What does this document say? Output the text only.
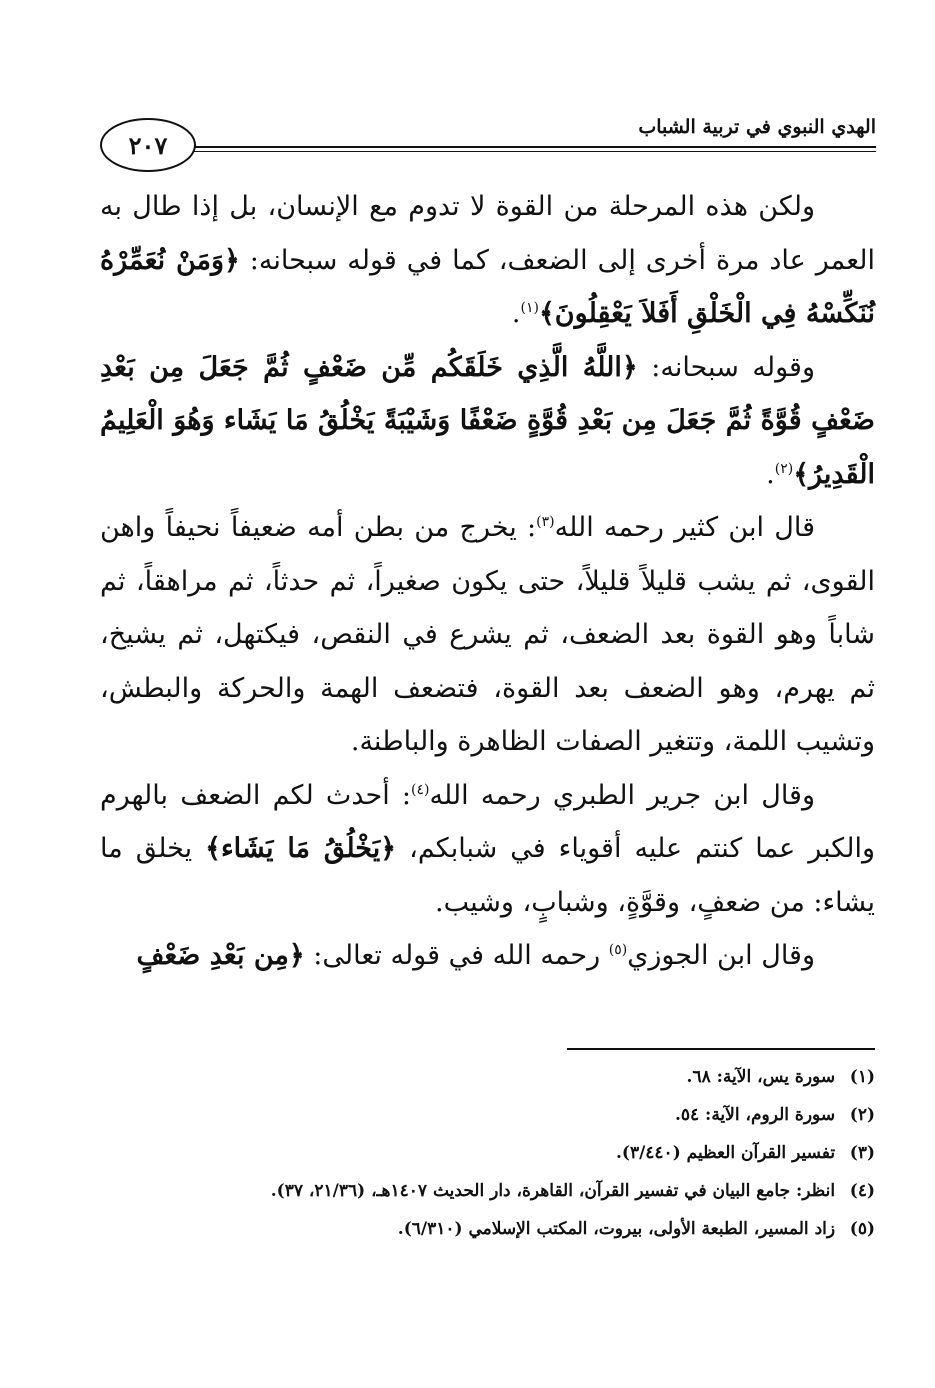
٢٠٧
الهدي النبوي في تربية الشباب

ولكن هذه المرحلة من القوة لا تدوم مع الإنسان، بل إذا طال به العمر عاد مرة أخرى إلى الضعف، كما في قوله سبحانه: ﴿وَمَنْ نُعَمِّرْهُ نُنَكِّسْهُ فِي الْخَلْقِ أَفَلاَ يَعْقِلُونَ﴾$^{(١)}$.

وقوله سبحانه: ﴿اللَّهُ الَّذِي خَلَقَكُم مِّن ضَعْفٍ ثُمَّ جَعَلَ مِن بَعْدِ ضَعْفٍ قُوَّةً ثُمَّ جَعَلَ مِن بَعْدِ قُوَّةٍ ضَعْفًا وَشَيْبَةً يَخْلُقُ مَا يَشَاء وَهُوَ الْعَلِيمُ الْقَدِيرُ﴾$^{(٢)}$.

قال ابن كثير رحمه الله$^{(٣)}$: يخرج من بطن أمه ضعيفاً نحيفاً واهن القوى، ثم يشب قليلاً قليلاً، حتى يكون صغيراً، ثم حدثاً، ثم مراهقاً، ثم شاباً وهو القوة بعد الضعف، ثم يشرع في النقص، فيكتهل، ثم يشيخ، ثم يهرم، وهو الضعف بعد القوة، فتضعف الهمة والحركة والبطش، وتشيب اللمة، وتتغير الصفات الظاهرة والباطنة.

وقال ابن جرير الطبري رحمه الله$^{(٤)}$: أحدث لكم الضعف بالهرم والكبر عما كنتم عليه أقوياء في شبابكم، ﴿يَخْلُقُ مَا يَشَاء﴾ يخلق ما يشاء: من ضعفٍ، وقوَّةٍ، وشبابٍ، وشيب.

وقال ابن الجوزي$^{(٥)}$ رحمه الله في قوله تعالى: ﴿مِن بَعْدِ ضَعْفٍ

(١) سورة يس، الآية: ٦٨.
(٢) سورة الروم، الآية: ٥٤.
(٣) تفسير القرآن العظيم (٣/٤٤٠).
(٤) انظر: جامع البيان في تفسير القرآن، القاهرة، دار الحديث ١٤٠٧هـ، (٢١/٣٦، ٣٧).
(٥) زاد المسير، الطبعة الأولى، بيروت، المكتب الإسلامي (٦/٣١٠).
